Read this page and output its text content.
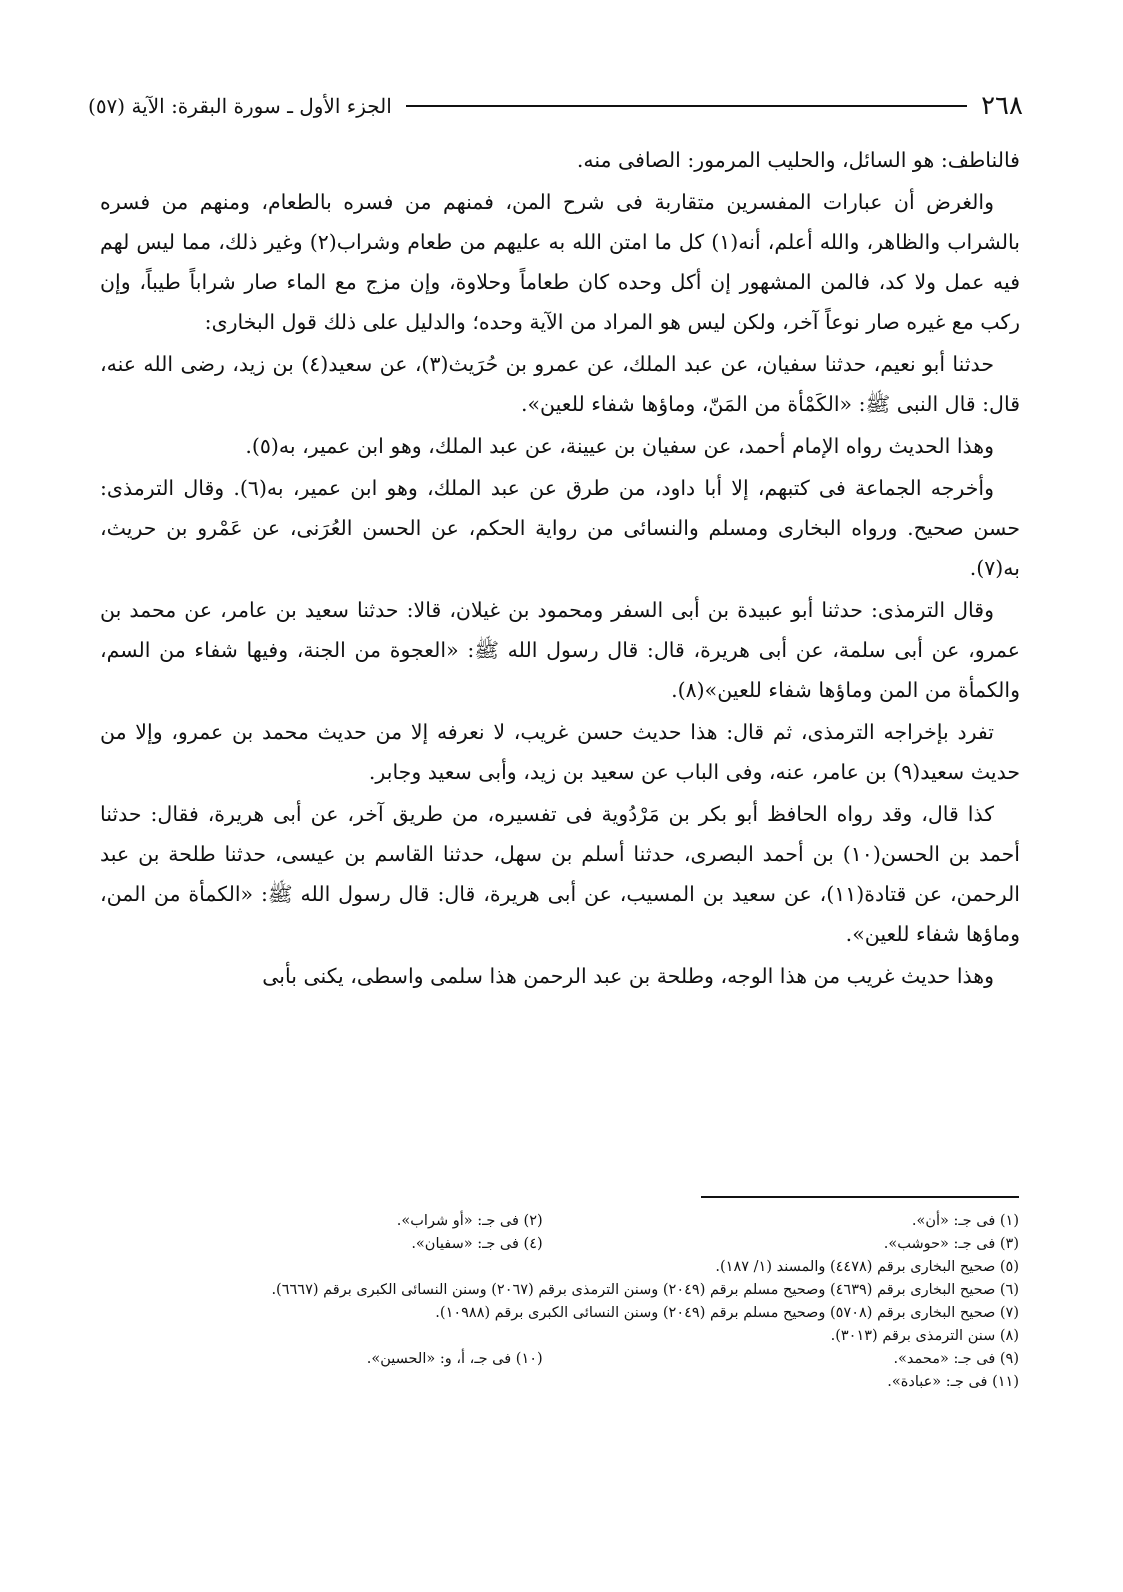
٢٦٨
الجزء الأول ـ سورة البقرة: الآية (٥٧)

فالناطف: هو السائل، والحليب المرمور: الصافى منه.

والغرض أن عبارات المفسرين متقاربة فى شرح المن، فمنهم من فسره بالطعام، ومنهم من فسره بالشراب والظاهر، والله أعلم، أنه(١) كل ما امتن الله به عليهم من طعام وشراب(٢) وغير ذلك، مما ليس لهم فيه عمل ولا كد، فالمن المشهور إن أكل وحده كان طعاماً وحلاوة، وإن مزج مع الماء صار شراباً طيباً، وإن ركب مع غيره صار نوعاً آخر، ولكن ليس هو المراد من الآية وحده؛ والدليل على ذلك قول البخارى:

حدثنا أبو نعيم، حدثنا سفيان، عن عبد الملك، عن عمرو بن حُرَيث(٣)، عن سعيد(٤) بن زيد، رضى الله عنه، قال: قال النبى ﷺ: «الكَمْأة من المَنّ، وماؤها شفاء للعين».

وهذا الحديث رواه الإمام أحمد، عن سفيان بن عيينة، عن عبد الملك، وهو ابن عمير، به(٥).

وأخرجه الجماعة فى كتبهم، إلا أبا داود، من طرق عن عبد الملك، وهو ابن عمير، به(٦). وقال الترمذى: حسن صحيح. ورواه البخارى ومسلم والنسائى من رواية الحكم، عن الحسن العُرَنى، عن عَمْرو بن حريث، به(٧).

وقال الترمذى: حدثنا أبو عبيدة بن أبى السفر ومحمود بن غيلان، قالا: حدثنا سعيد بن عامر، عن محمد بن عمرو، عن أبى سلمة، عن أبى هريرة، قال: قال رسول الله ﷺ: «العجوة من الجنة، وفيها شفاء من السم، والكمأة من المن وماؤها شفاء للعين»(٨).

تفرد بإخراجه الترمذى، ثم قال: هذا حديث حسن غريب، لا نعرفه إلا من حديث محمد بن عمرو، وإلا من حديث سعيد(٩) بن عامر، عنه، وفى الباب عن سعيد بن زيد، وأبى سعيد وجابر.

كذا قال، وقد رواه الحافظ أبو بكر بن مَرْدُوية فى تفسيره، من طريق آخر، عن أبى هريرة، فقال: حدثنا أحمد بن الحسن(١٠) بن أحمد البصرى، حدثنا أسلم بن سهل، حدثنا القاسم بن عيسى، حدثنا طلحة بن عبد الرحمن، عن قتادة(١١)، عن سعيد بن المسيب، عن أبى هريرة، قال: قال رسول الله ﷺ: «الكمأة من المن، وماؤها شفاء للعين».

وهذا حديث غريب من هذا الوجه، وطلحة بن عبد الرحمن هذا سلمى واسطى، يكنى بأبى

(١) فى جـ: «أن».
(٢) فى جـ: «أو شراب».
(٣) فى جـ: «حوشب».
(٤) فى جـ: «سفيان».
(٥) صحيح البخارى برقم (٤٤٧٨) والمسند (١/ ١٨٧).
(٦) صحيح البخارى برقم (٤٦٣٩) وصحيح مسلم برقم (٢٠٤٩) وسنن الترمذى برقم (٢٠٦٧) وسنن النسائى الكبرى برقم (٦٦٦٧).
(٧) صحيح البخارى برقم (٥٧٠٨) وصحيح مسلم برقم (٢٠٤٩) وسنن النسائى الكبرى برقم (١٠٩٨٨).
(٨) سنن الترمذى برقم (٣٠١٣).
(٩) فى جـ: «محمد».
(١٠) فى جـ، أ، و: «الحسين».
(١١) فى جـ: «عبادة».
